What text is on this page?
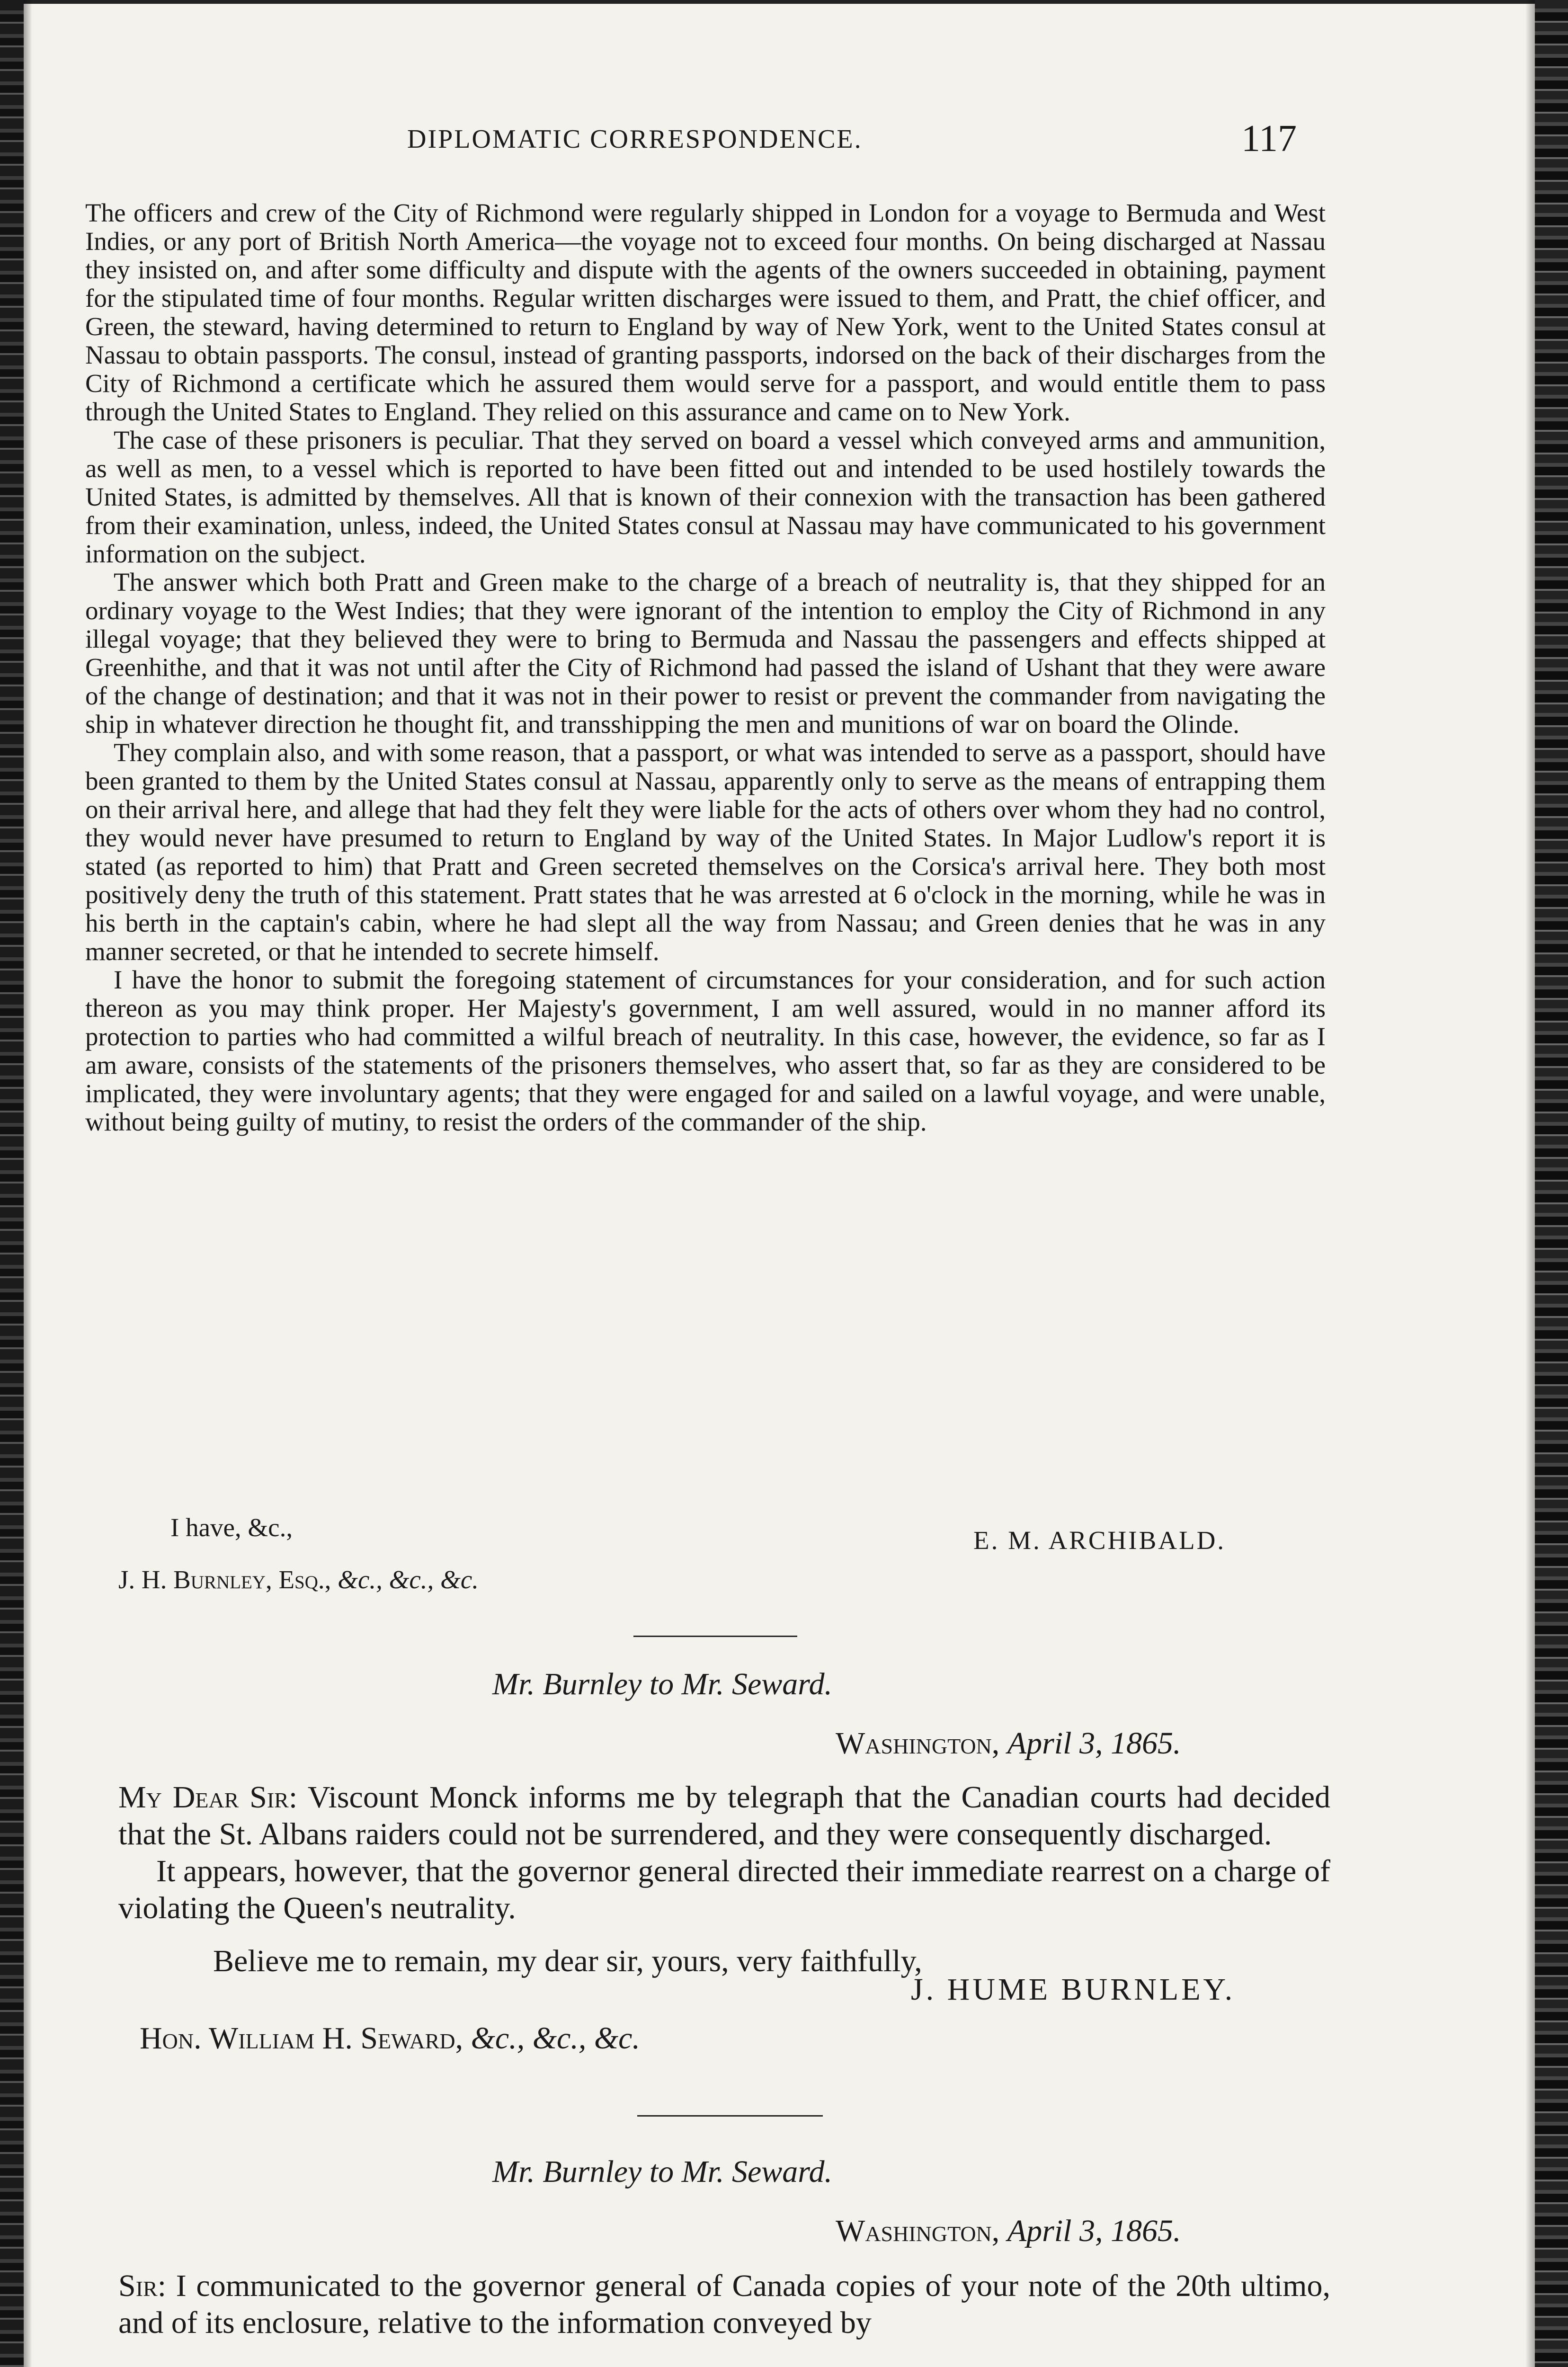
DIPLOMATIC CORRESPONDENCE.	117

The officers and crew of the City of Richmond were regularly shipped in London for a voyage to Bermuda and West Indies, or any port of British North America—the voyage not to exceed four months. On being discharged at Nassau they insisted on, and after some difficulty and dispute with the agents of the owners succeeded in obtaining, payment for the stipulated time of four months. Regular written discharges were issued to them, and Pratt, the chief officer, and Green, the steward, having determined to return to England by way of New York, went to the United States consul at Nassau to obtain passports. The consul, instead of granting passports, indorsed on the back of their discharges from the City of Richmond a certificate which he assured them would serve for a passport, and would entitle them to pass through the United States to England. They relied on this assurance and came on to New York.

The case of these prisoners is peculiar. That they served on board a vessel which conveyed arms and ammunition, as well as men, to a vessel which is reported to have been fitted out and intended to be used hostilely towards the United States, is admitted by themselves. All that is known of their connexion with the transaction has been gathered from their examination, unless, indeed, the United States consul at Nassau may have communicated to his government information on the subject.

The answer which both Pratt and Green make to the charge of a breach of neutrality is, that they shipped for an ordinary voyage to the West Indies; that they were ignorant of the intention to employ the City of Richmond in any illegal voyage; that they believed they were to bring to Bermuda and Nassau the passengers and effects shipped at Greenhithe, and that it was not until after the City of Richmond had passed the island of Ushant that they were aware of the change of destination; and that it was not in their power to resist or prevent the commander from navigating the ship in whatever direction he thought fit, and transshipping the men and munitions of war on board the Olinde.

They complain also, and with some reason, that a passport, or what was intended to serve as a passport, should have been granted to them by the United States consul at Nassau, apparently only to serve as the means of entrapping them on their arrival here, and allege that had they felt they were liable for the acts of others over whom they had no control, they would never have presumed to return to England by way of the United States. In Major Ludlow's report it is stated (as reported to him) that Pratt and Green secreted themselves on the Corsica's arrival here. They both most positively deny the truth of this statement. Pratt states that he was arrested at 6 o'clock in the morning, while he was in his berth in the captain's cabin, where he had slept all the way from Nassau; and Green denies that he was in any manner secreted, or that he intended to secrete himself.

I have the honor to submit the foregoing statement of circumstances for your consideration, and for such action thereon as you may think proper. Her Majesty's government, I am well assured, would in no manner afford its protection to parties who had committed a wilful breach of neutrality. In this case, however, the evidence, so far as I am aware, consists of the statements of the prisoners themselves, who assert that, so far as they are considered to be implicated, they were involuntary agents; that they were engaged for and sailed on a lawful voyage, and were unable, without being guilty of mutiny, to resist the orders of the commander of the ship.

I have, &c.,	E. M. ARCHIBALD.
J. H. Burnley, Esq., &c., &c., &c.
Mr. Burnley to Mr. Seward.
Washington, April 3, 1865.

My Dear Sir: Viscount Monck informs me by telegraph that the Canadian courts had decided that the St. Albans raiders could not be surrendered, and they were consequently discharged.

It appears, however, that the governor general directed their immediate rearrest on a charge of violating the Queen's neutrality.

Believe me to remain, my dear sir, yours, very faithfully,
J. HUME BURNLEY.
Hon. William H. Seward, &c., &c., &c.
Mr. Burnley to Mr. Seward.
Washington, April 3, 1865.

Sir: I communicated to the governor general of Canada copies of your note of the 20th ultimo, and of its enclosure, relative to the information conveyed by
